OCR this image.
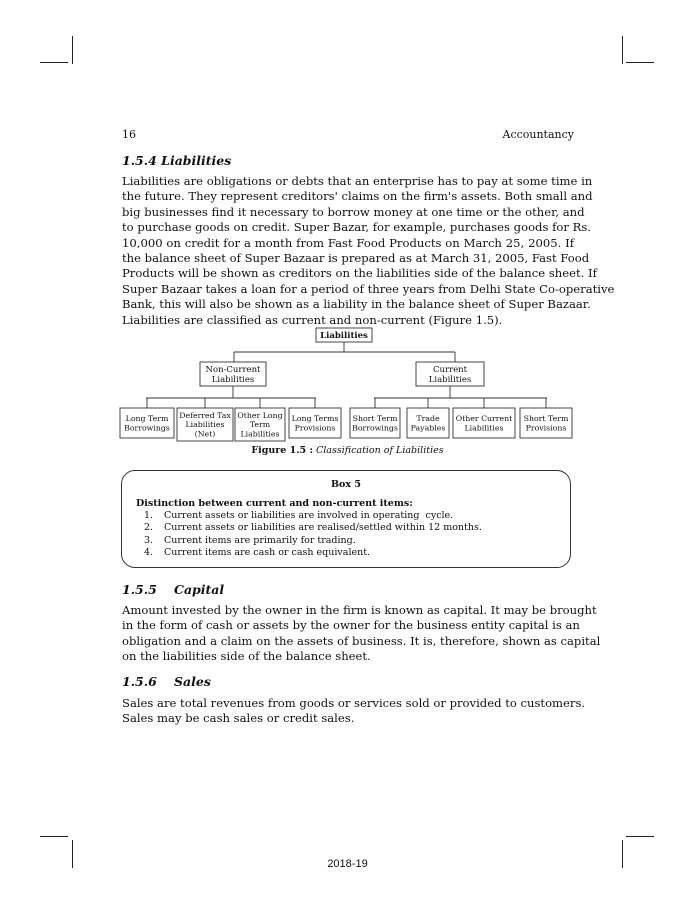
16	Accountancy
1.5.4 Liabilities
Liabilities are obligations or debts that an enterprise has to pay at some time in
the future. They represent creditors' claims on the firm's assets. Both small and
big businesses find it necessary to borrow money at one time or the other, and
to purchase goods on credit. Super Bazar, for example, purchases goods for Rs.
10,000 on credit for a month from Fast Food Products on March 25, 2005. If
the balance sheet of Super Bazaar is prepared as at March 31, 2005, Fast Food
Products will be shown as creditors on the liabilities side of the balance sheet. If
Super Bazaar takes a loan for a period of three years from Delhi State Co-operative
Bank, this will also be shown as a liability in the balance sheet of Super Bazaar.
Liabilities are classified as current and non-current (Figure 1.5).
Liabilities
Non-Current
Liabilities
Current
Liabilities
Long Term
Borrowings
Deferred Tax
Liabilities
(Net)
Other Long
Term
Liabilities
Long Terms
Provisions
Short Term
Borrowings
Trade
Payables
Other Current
Liabilities
Short Term
Provisions
Figure 1.5 : Classification of Liabilities
Box 5
Distinction between current and non-current items:
1.	Current assets or liabilities are involved in operating  cycle.
2.	Current assets or liabilities are realised/settled within 12 months.
3.	Current items are primarily for trading.
4.	Current items are cash or cash equivalent.
1.5.5 Capital
Amount invested by the owner in the firm is known as capital. It may be brought
in the form of cash or assets by the owner for the business entity capital is an
obligation and a claim on the assets of business. It is, therefore, shown as capital
on the liabilities side of the balance sheet.
1.5.6 Sales
Sales are total revenues from goods or services sold or provided to customers.
Sales may be cash sales or credit sales.
2018-19
